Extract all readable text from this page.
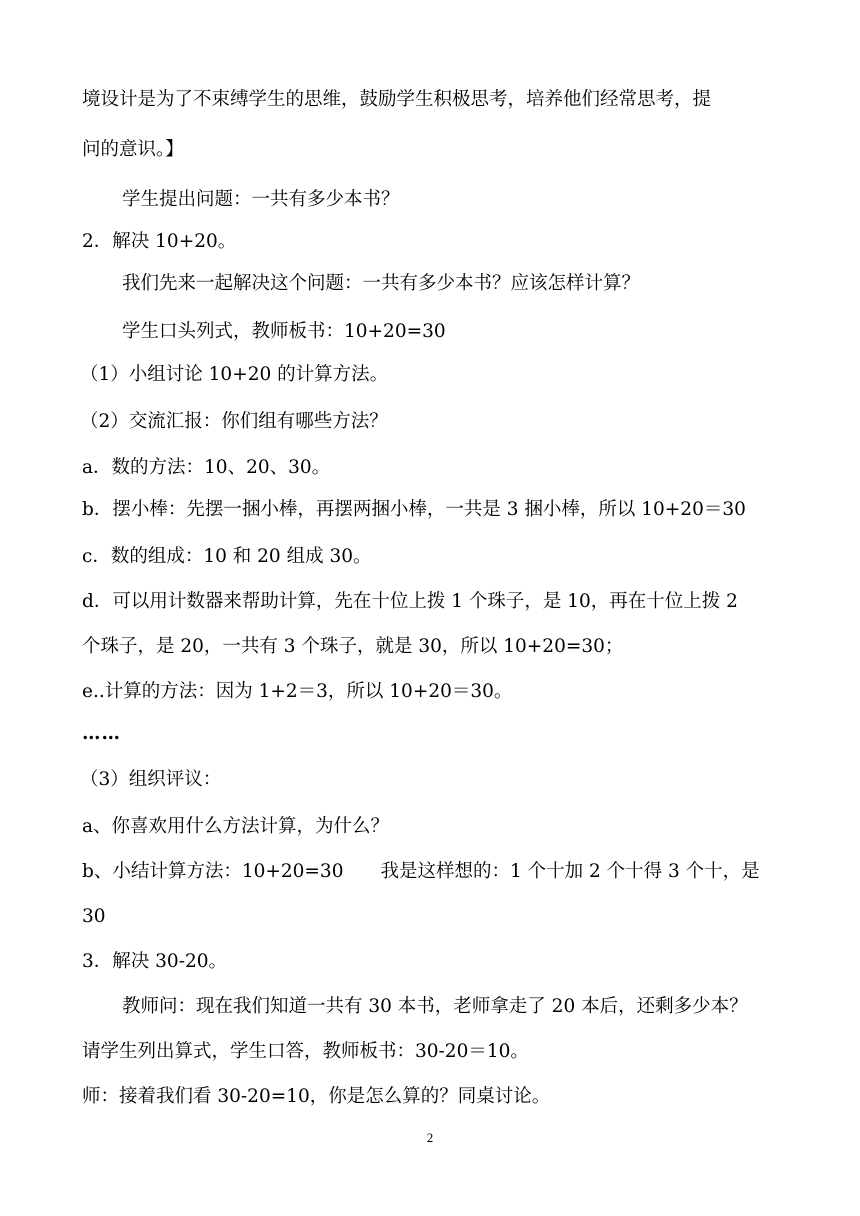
境设计是为了不束缚学生的思维，鼓励学生积极思考，培养他们经常思考，提
问的意识。】
学生提出问题：一共有多少本书？
2．解决 10+20。
我们先来一起解决这个问题：一共有多少本书？应该怎样计算？
学生口头列式，教师板书：10+20=30
（1）小组讨论 10+20 的计算方法。
（2）交流汇报：你们组有哪些方法？
a．数的方法：10、20、30。
b．摆小棒：先摆一捆小棒，再摆两捆小棒，一共是 3 捆小棒，所以 10+20＝30
c．数的组成：10 和 20 组成 30。
d．可以用计数器来帮助计算，先在十位上拨 1 个珠子，是 10，再在十位上拨 2
个珠子，是 20，一共有 3 个珠子，就是 30，所以 10+20=30；
e..计算的方法：因为 1+2＝3，所以 10+20＝30。
……
（3）组织评议：
a、你喜欢用什么方法计算，为什么？
b、小结计算方法：10+20=30　　我是这样想的：1 个十加 2 个十得 3 个十，是
30
3．解决 30-20。
教师问：现在我们知道一共有 30 本书，老师拿走了 20 本后，还剩多少本？
请学生列出算式，学生口答，教师板书：30-20＝10。
师：接着我们看 30-20=10，你是怎么算的？同桌讨论。
2
